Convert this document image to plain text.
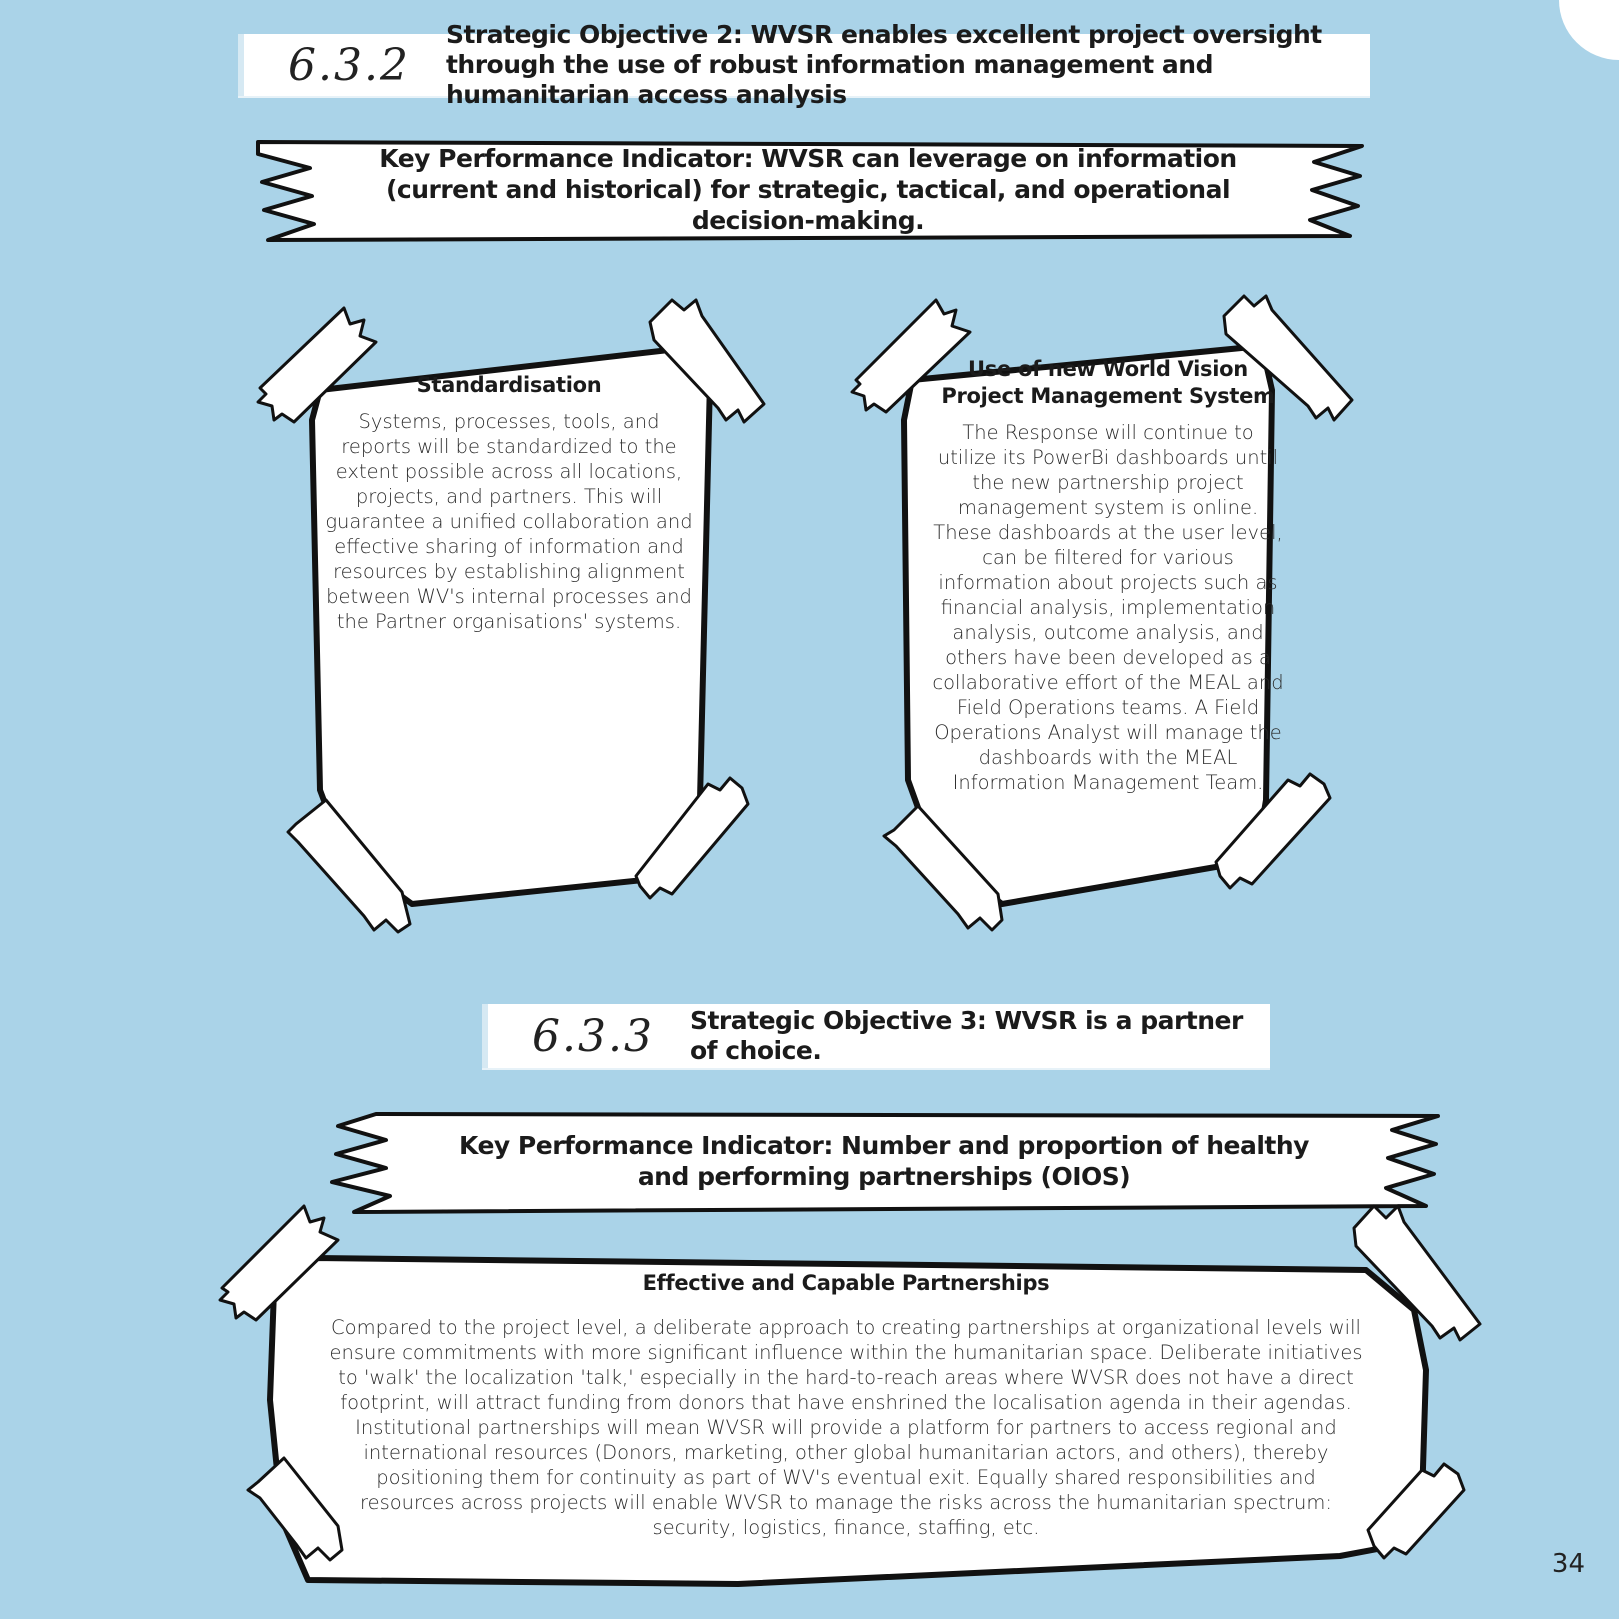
6.3.2
Strategic Objective 2: WVSR enables excellent project oversight through the use of robust information management and humanitarian access analysis
Key Performance Indicator: WVSR can leverage on information (current and historical) for strategic, tactical, and operational decision-making.
Standardisation
Systems, processes, tools, and reports will be standardized to the extent possible across all locations, projects, and partners. This will guarantee a unified collaboration and effective sharing of information and resources by establishing alignment between WV's internal processes and the Partner organisations' systems.
Use of new World Vision Project Management System
The Response will continue to utilize its PowerBi dashboards until the new partnership project management system is online. These dashboards at the user level, can be filtered for various information about projects such as financial analysis, implementation analysis, outcome analysis, and others have been developed as a collaborative effort of the MEAL and Field Operations teams. A Field Operations Analyst will manage the dashboards with the MEAL Information Management Team.
6.3.3 Strategic Objective 3: WVSR is a partner of choice.
Key Performance Indicator: Number and proportion of healthy and performing partnerships (OIOS)
Effective and Capable Partnerships
Compared to the project level, a deliberate approach to creating partnerships at organizational levels will ensure commitments with more significant influence within the humanitarian space. Deliberate initiatives to 'walk' the localization 'talk,' especially in the hard-to-reach areas where WVSR does not have a direct footprint, will attract funding from donors that have enshrined the localisation agenda in their agendas. Institutional partnerships will mean WVSR will provide a platform for partners to access regional and international resources (Donors, marketing, other global humanitarian actors, and others), thereby positioning them for continuity as part of WV's eventual exit. Equally shared responsibilities and resources across projects will enable WVSR to manage the risks across the humanitarian spectrum: security, logistics, finance, staffing, etc.
34
